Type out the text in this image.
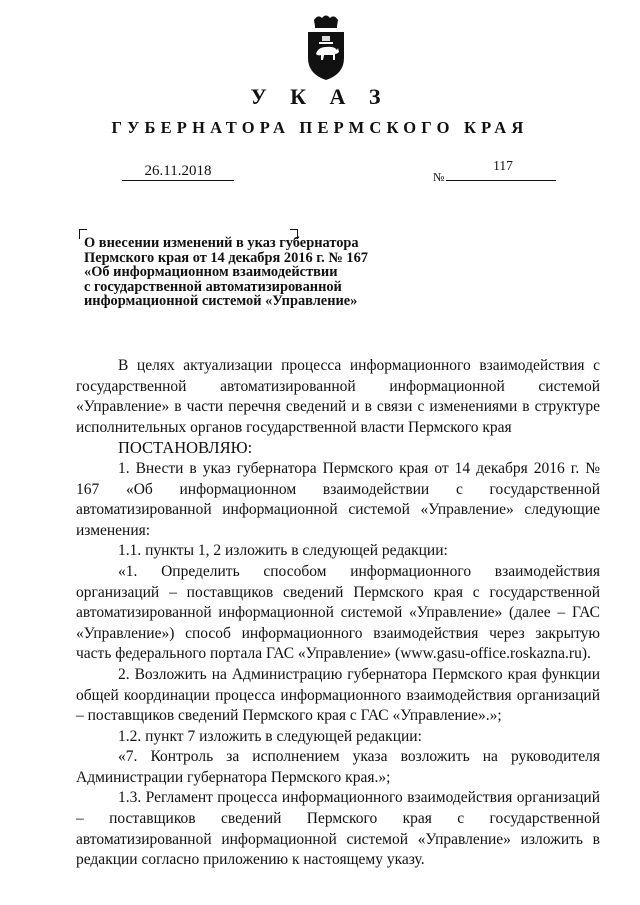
У К А З
ГУБЕРНАТОРА ПЕРМСКОГО КРАЯ
26.11.2018	№
117
О внесении изменений в указ губернатора
Пермского края от 14 декабря 2016 г. № 167
«Об информационном взаимодействии
с государственной автоматизированной
информационной системой «Управление»

В целях актуализации процесса информационного взаимодействия с государственной автоматизированной информационной системой «Управление» в части перечня сведений и в связи с изменениями в структуре исполнительных органов государственной власти Пермского края

ПОСТАНОВЛЯЮ:

1. Внести в указ губернатора Пермского края от 14 декабря 2016 г. № 167 «Об информационном взаимодействии с государственной автоматизированной информационной системой «Управление» следующие изменения:

1.1. пункты 1, 2 изложить в следующей редакции:

«1. Определить способом информационного взаимодействия организаций – поставщиков сведений Пермского края с государственной автоматизированной информационной системой «Управление» (далее – ГАС «Управление») способ информационного взаимодействия через закрытую часть федерального портала ГАС «Управление» (www.gasu-office.roskazna.ru).

2. Возложить на Администрацию губернатора Пермского края функции общей координации процесса информационного взаимодействия организаций – поставщиков сведений Пермского края с ГАС «Управление».»;

1.2. пункт 7 изложить в следующей редакции:

«7. Контроль за исполнением указа возложить на руководителя Администрации губернатора Пермского края.»;

1.3. Регламент процесса информационного взаимодействия организаций – поставщиков сведений Пермского края с государственной автоматизированной информационной системой «Управление» изложить в редакции согласно приложению к настоящему указу.
